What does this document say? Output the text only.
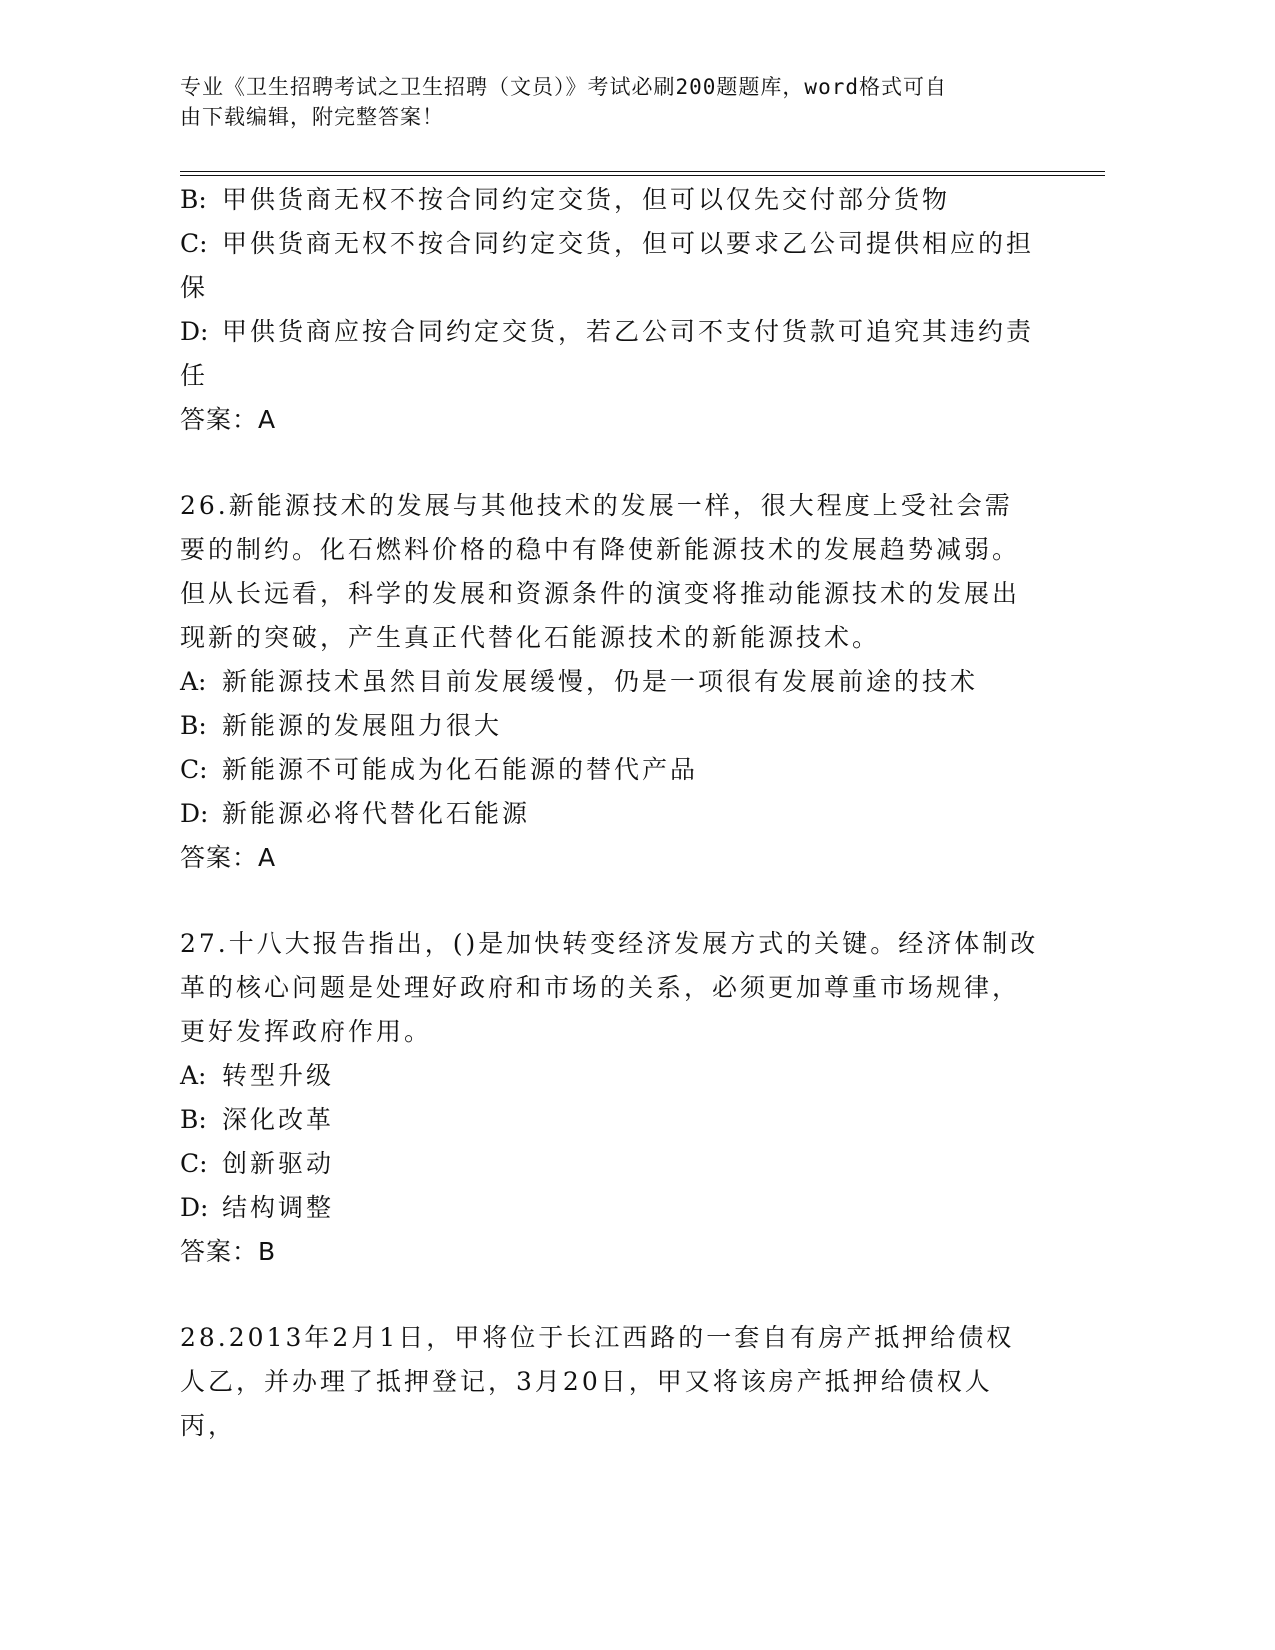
专业《卫生招聘考试之卫生招聘（文员）》考试必刷200题题库，word格式可自
由下载编辑，附完整答案！

B: 甲供货商无权不按合同约定交货，但可以仅先交付部分货物

C: 甲供货商无权不按合同约定交货，但可以要求乙公司提供相应的担保

D: 甲供货商应按合同约定交货，若乙公司不支付货款可追究其违约责任

答案：A

26.新能源技术的发展与其他技术的发展一样，很大程度上受社会需要的制约。化石燃料价格的稳中有降使新能源技术的发展趋势减弱。但从长远看，科学的发展和资源条件的演变将推动能源技术的发展出现新的突破，产生真正代替化石能源技术的新能源技术。

A: 新能源技术虽然目前发展缓慢，仍是一项很有发展前途的技术

B: 新能源的发展阻力很大

C: 新能源不可能成为化石能源的替代产品

D: 新能源必将代替化石能源

答案：A

27.十八大报告指出，()是加快转变经济发展方式的关键。经济体制改革的核心问题是处理好政府和市场的关系，必须更加尊重市场规律，更好发挥政府作用。

A: 转型升级

B: 深化改革

C: 创新驱动

D: 结构调整

答案：B

28.2013年2月1日，甲将位于长江西路的一套自有房产抵押给债权人乙，并办理了抵押登记，3月20日，甲又将该房产抵押给债权人丙，
